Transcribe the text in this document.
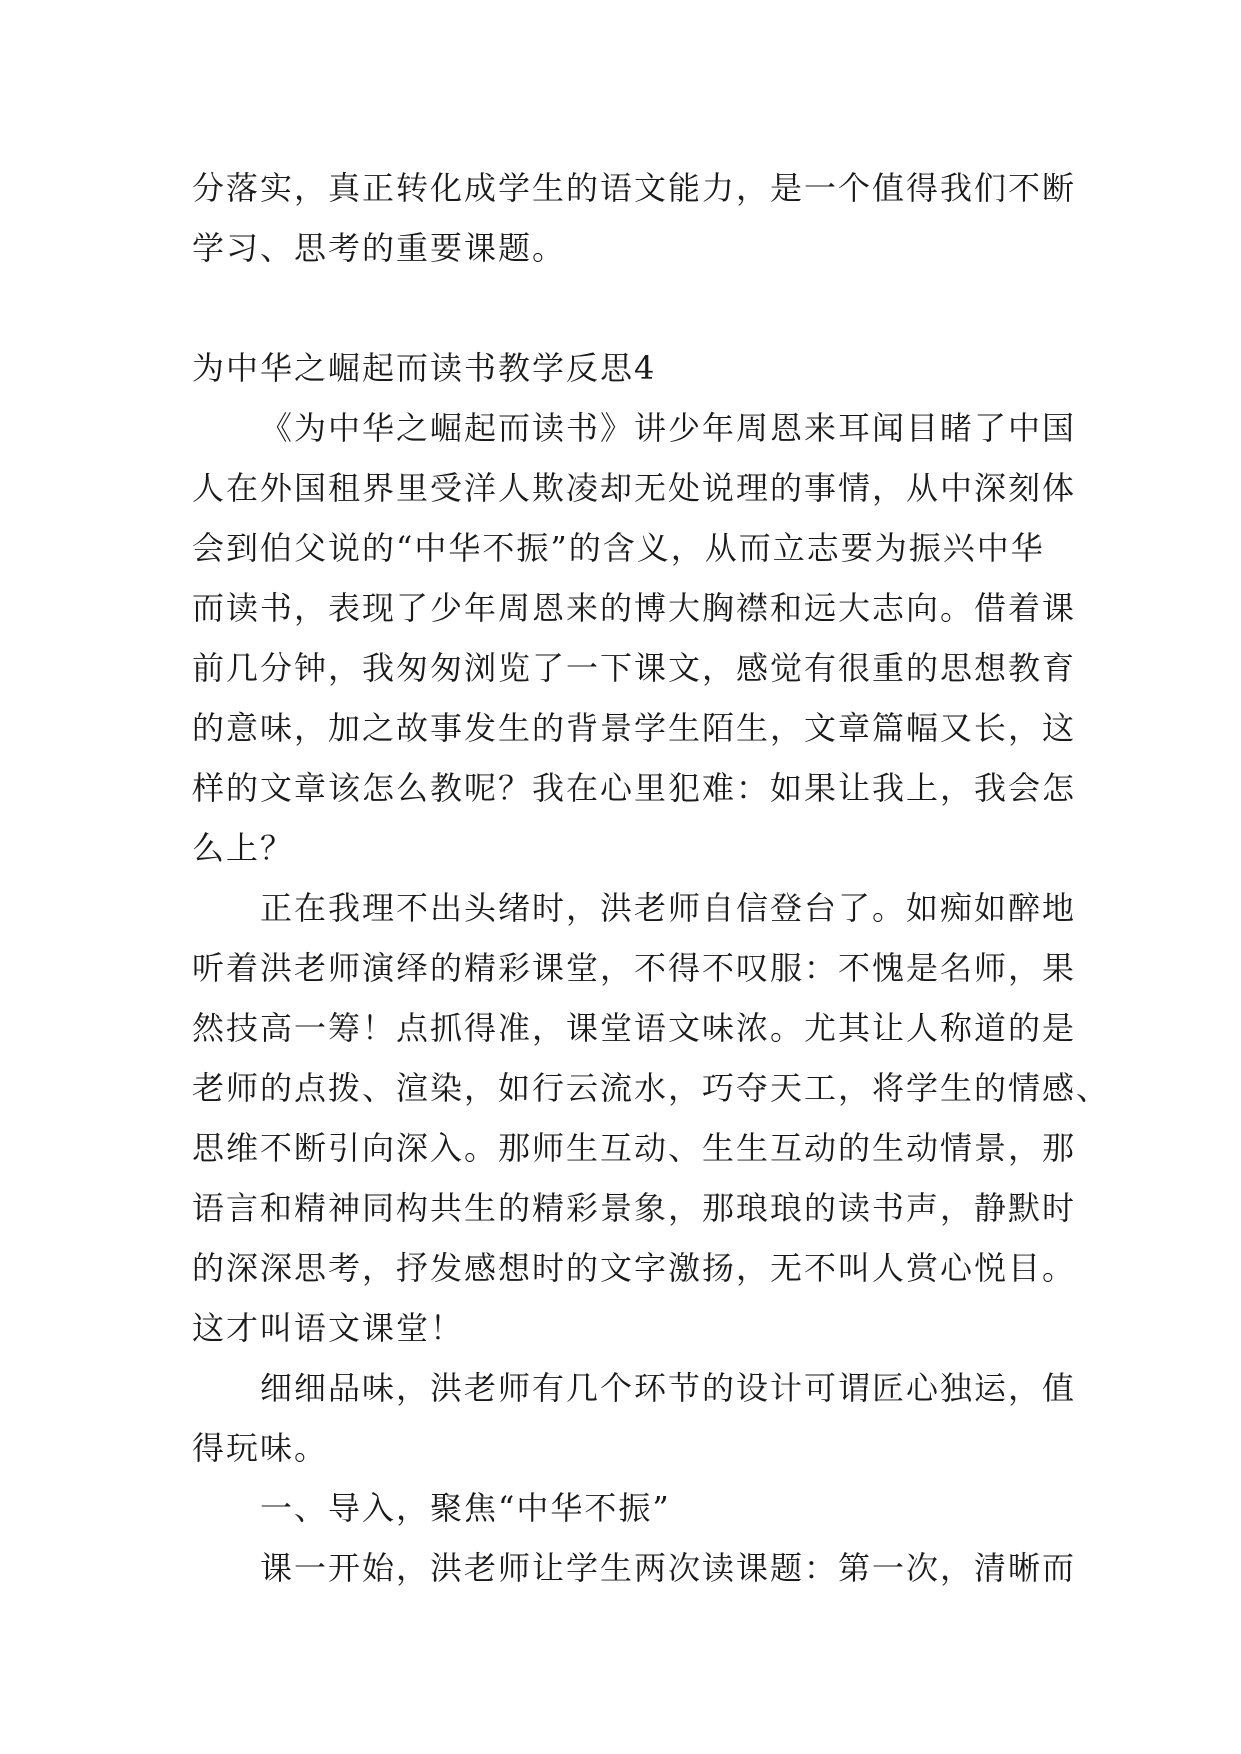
分落实，真正转化成学生的语文能力，是一个值得我们不断
学习、思考的重要课题。
为中华之崛起而读书教学反思4
《为中华之崛起而读书》讲少年周恩来耳闻目睹了中国
人在外国租界里受洋人欺凌却无处说理的事情，从中深刻体
会到伯父说的“中华不振”的含义，从而立志要为振兴中华
而读书，表现了少年周恩来的博大胸襟和远大志向。借着课
前几分钟，我匆匆浏览了一下课文，感觉有很重的思想教育
的意味，加之故事发生的背景学生陌生，文章篇幅又长，这
样的文章该怎么教呢？我在心里犯难：如果让我上，我会怎
么上？
正在我理不出头绪时，洪老师自信登台了。如痴如醉地
听着洪老师演绎的精彩课堂，不得不叹服：不愧是名师，果
然技高一筹！点抓得准，课堂语文味浓。尤其让人称道的是
老师的点拨、渲染，如行云流水，巧夺天工，将学生的情感、
思维不断引向深入。那师生互动、生生互动的生动情景，那
语言和精神同构共生的精彩景象，那琅琅的读书声，静默时
的深深思考，抒发感想时的文字激扬，无不叫人赏心悦目。
这才叫语文课堂！
细细品味，洪老师有几个环节的设计可谓匠心独运，值
得玩味。
一、导入，聚焦“中华不振”
课一开始，洪老师让学生两次读课题：第一次，清晰而
